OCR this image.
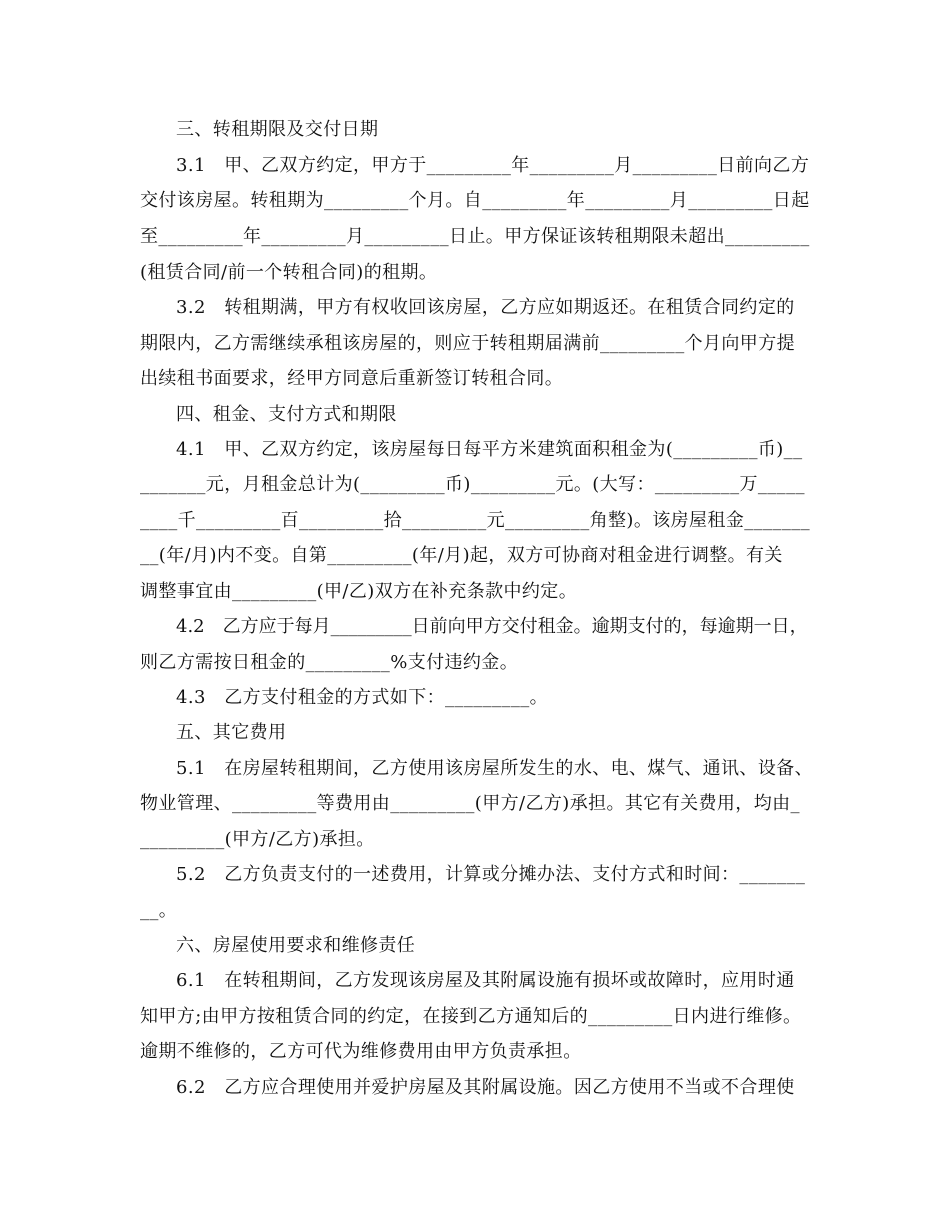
三、转租期限及交付日期
3.1　甲、乙双方约定，甲方于_________年_________月_________日前向乙方
交付该房屋。转租期为_________个月。自_________年_________月_________日起
至_________年_________月_________日止。甲方保证该转租期限未超出_________
(租赁合同/前一个转租合同)的租期。
3.2　转租期满，甲方有权收回该房屋，乙方应如期返还。在租赁合同约定的
期限内，乙方需继续承租该房屋的，则应于转租期届满前_________个月向甲方提
出续租书面要求，经甲方同意后重新签订转租合同。
四、租金、支付方式和期限
4.1　甲、乙双方约定，该房屋每日每平方米建筑面积租金为(_________币)__
_______元，月租金总计为(_________币)_________元。(大写：_________万_____
____千_________百_________拾_________元_________角整)。该房屋租金_______
__(年/月)内不变。自第_________(年/月)起，双方可协商对租金进行调整。有关
调整事宜由_________(甲/乙)双方在补充条款中约定。
4.2　乙方应于每月_________日前向甲方交付租金。逾期支付的，每逾期一日，
则乙方需按日租金的_________%支付违约金。
4.3　乙方支付租金的方式如下：_________。
五、其它费用
5.1　在房屋转租期间，乙方使用该房屋所发生的水、电、煤气、通讯、设备、
物业管理、_________等费用由_________(甲方/乙方)承担。其它有关费用，均由_
_________(甲方/乙方)承担。
5.2　乙方负责支付的一述费用，计算或分摊办法、支付方式和时间：_______
__。
六、房屋使用要求和维修责任
6.1　在转租期间，乙方发现该房屋及其附属设施有损坏或故障时，应用时通
知甲方;由甲方按租赁合同的约定，在接到乙方通知后的_________日内进行维修。
逾期不维修的，乙方可代为维修费用由甲方负责承担。
6.2　乙方应合理使用并爱护房屋及其附属设施。因乙方使用不当或不合理使
